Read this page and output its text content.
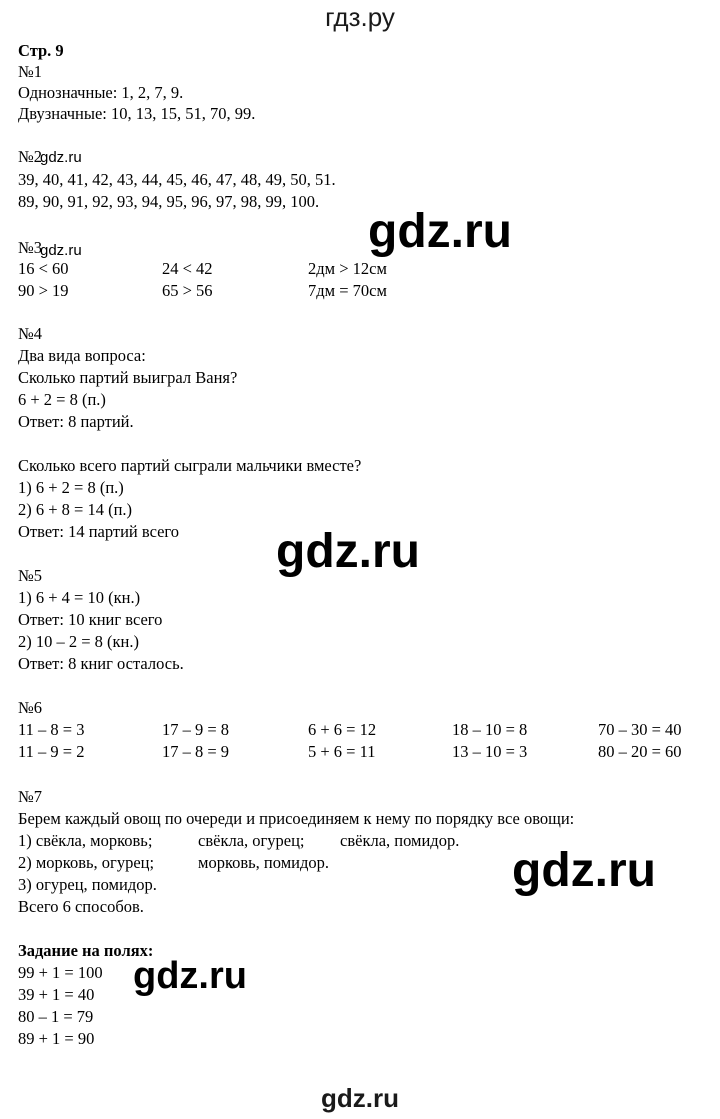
гдз.ру
Стр. 9
№1
Однозначные: 1, 2, 7, 9.
Двузначные: 10, 13, 15, 51, 70, 99.
№2
gdz.ru
39, 40, 41, 42, 43, 44, 45, 46, 47, 48, 49, 50, 51.
89, 90, 91, 92, 93, 94, 95, 96, 97, 98, 99, 100.
gdz.ru
№3
gdz.ru
16 < 60	24 < 42	2дм > 12см
90 > 19	65 > 56	7дм = 70см
№4
Два вида вопроса:
Сколько партий выиграл Ваня?
6 + 2 = 8 (п.)
Ответ: 8 партий.
Сколько всего партий сыграли мальчики вместе?
1) 6 + 2 = 8 (п.)
2) 6 + 8 = 14 (п.)
Ответ: 14 партий всего gdz.ru
№5
1) 6 + 4 = 10 (кн.)
Ответ: 10 книг всего
2) 10 – 2 = 8 (кн.)
Ответ: 8 книг осталось.
№6
11 – 8 = 3	17 – 9 = 8	6 + 6 = 12	18 – 10 = 8	70 – 30 = 40
11 – 9 = 2	17 – 8 = 9	5 + 6 = 11	13 – 10 = 3	80 – 20 = 60
№7
Берем каждый овощ по очереди и присоединяем к нему по порядку все овощи:
1) свёкла, морковь;	свёкла, огурец; свёкла, помидор.
2) морковь, огурец;	морковь, помидор.
3) огурец, помидор.
Всего 6 способов.
gdz.ru
Задание на полях:
99 + 1 = 100
39 + 1 = 40
80 – 1 = 79
89 + 1 = 90
gdz.ru
gdz.ru
